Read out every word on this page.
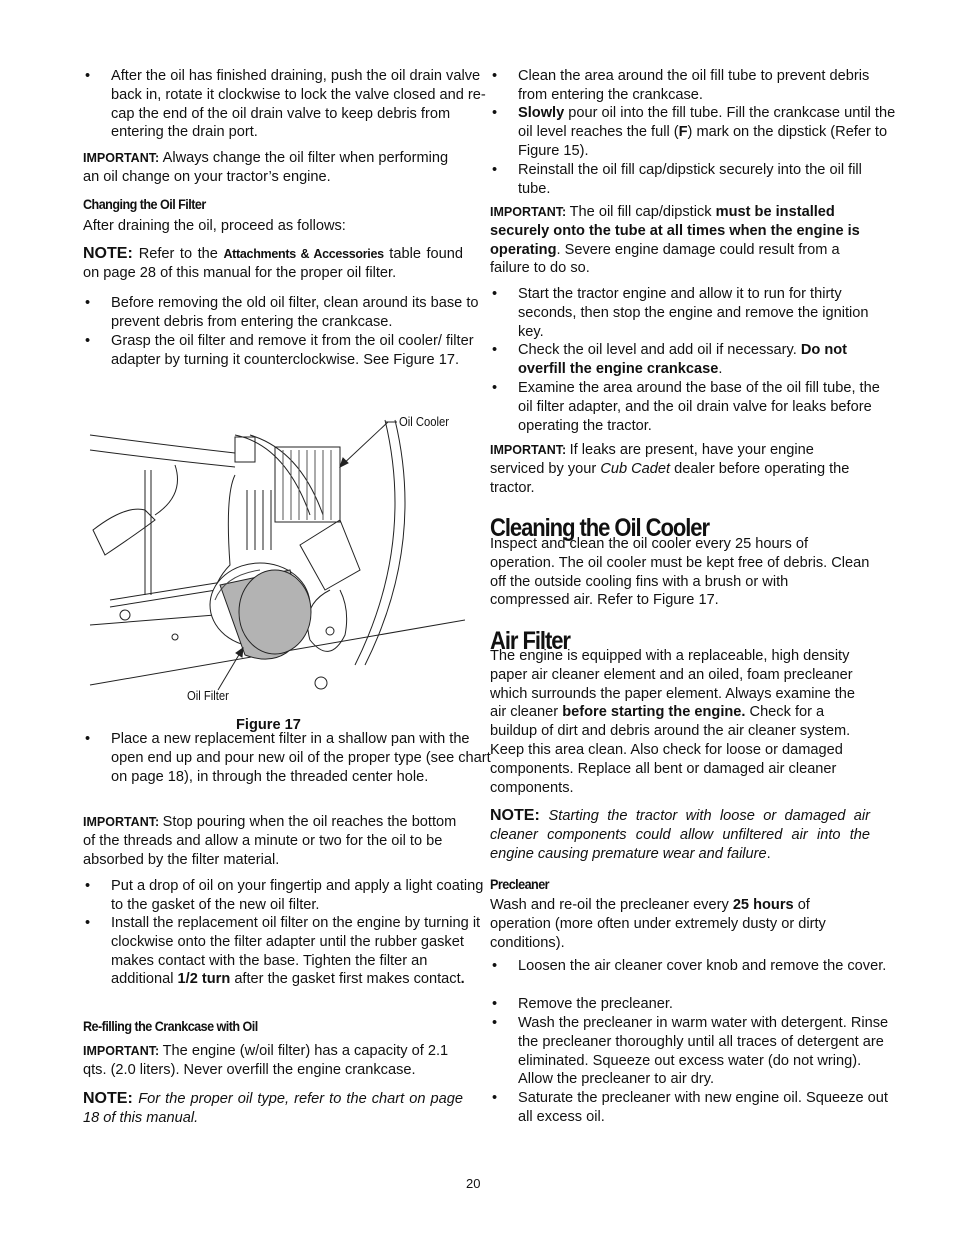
• After the oil has finished draining, push the oil drain valve back in, rotate it clockwise to lock the valve closed and re-cap the end of the oil drain valve to keep debris from entering the drain port.
IMPORTANT: Always change the oil filter when performing an oil change on your tractor’s engine.
Changing the Oil Filter
After draining the oil, proceed as follows:
NOTE: Refer to the Attachments & Accessories table found on page 28 of this manual for the proper oil filter.
• Before removing the old oil filter, clean around its base to prevent debris from entering the crankcase.
• Grasp the oil filter and remove it from the oil cooler/ filter adapter by turning it counterclockwise. See Figure 17.
• Place a new replacement filter in a shallow pan with the open end up and pour new oil of the proper type (see chart on page 18), in through the threaded center hole.
IMPORTANT: Stop pouring when the oil reaches the bottom of the threads and allow a minute or two for the oil to be absorbed by the filter material.
• Put a drop of oil on your fingertip and apply a light coating to the gasket of the new oil filter.
• Install the replacement oil filter on the engine by turning it clockwise onto the filter adapter until the rubber gasket makes contact with the base. Tighten the filter an additional 1/2 turn after the gasket first makes contact.
Re-filling the Crankcase with Oil
IMPORTANT: The engine (w/oil filter) has a capacity of 2.1 qts. (2.0 liters). Never overfill the engine crankcase.
NOTE: For the proper oil type, refer to the chart on page 18 of this manual.
• Clean the area around the oil fill tube to prevent debris from entering the crankcase.
• Slowly pour oil into the fill tube. Fill the crankcase until the oil level reaches the full (F) mark on the dipstick (Refer to Figure 15).
• Reinstall the oil fill cap/dipstick securely into the oil fill tube.
IMPORTANT: The oil fill cap/dipstick must be installed securely onto the tube at all times when the engine is operating. Severe engine damage could result from a failure to do so.
• Start the tractor engine and allow it to run for thirty seconds, then stop the engine and remove the ignition key.
• Check the oil level and add oil if necessary. Do not overfill the engine crankcase.
• Examine the area around the base of the oil fill tube, the oil filter adapter, and the oil drain valve for leaks before operating the tractor.
IMPORTANT: If leaks are present, have your engine serviced by your Cub Cadet dealer before operating the tractor.
Cleaning the Oil Cooler
Inspect and clean the oil cooler every 25 hours of operation. The oil cooler must be kept free of debris. Clean off the outside cooling fins with a brush or with compressed air. Refer to Figure 17.
Air Filter
The engine is equipped with a replaceable, high density paper air cleaner element and an oiled, foam precleaner which surrounds the paper element. Always examine the air cleaner before starting the engine. Check for a buildup of dirt and debris around the air cleaner system. Keep this area clean. Also check for loose or damaged components. Replace all bent or damaged air cleaner components.
NOTE: Starting the tractor with loose or damaged air cleaner components could allow unfiltered air into the engine causing premature wear and failure.
Precleaner
Wash and re-oil the precleaner every 25 hours of operation (more often under extremely dusty or dirty conditions).
• Loosen the air cleaner cover knob and remove the cover.
• Remove the precleaner.
• Wash the precleaner in warm water with detergent. Rinse the precleaner thoroughly until all traces of detergent are eliminated. Squeeze out excess water (do not wring). Allow the precleaner to air dry.
• Saturate the precleaner with new engine oil. Squeeze out all excess oil.
Oil Cooler
Oil Filter
Figure 17
20
